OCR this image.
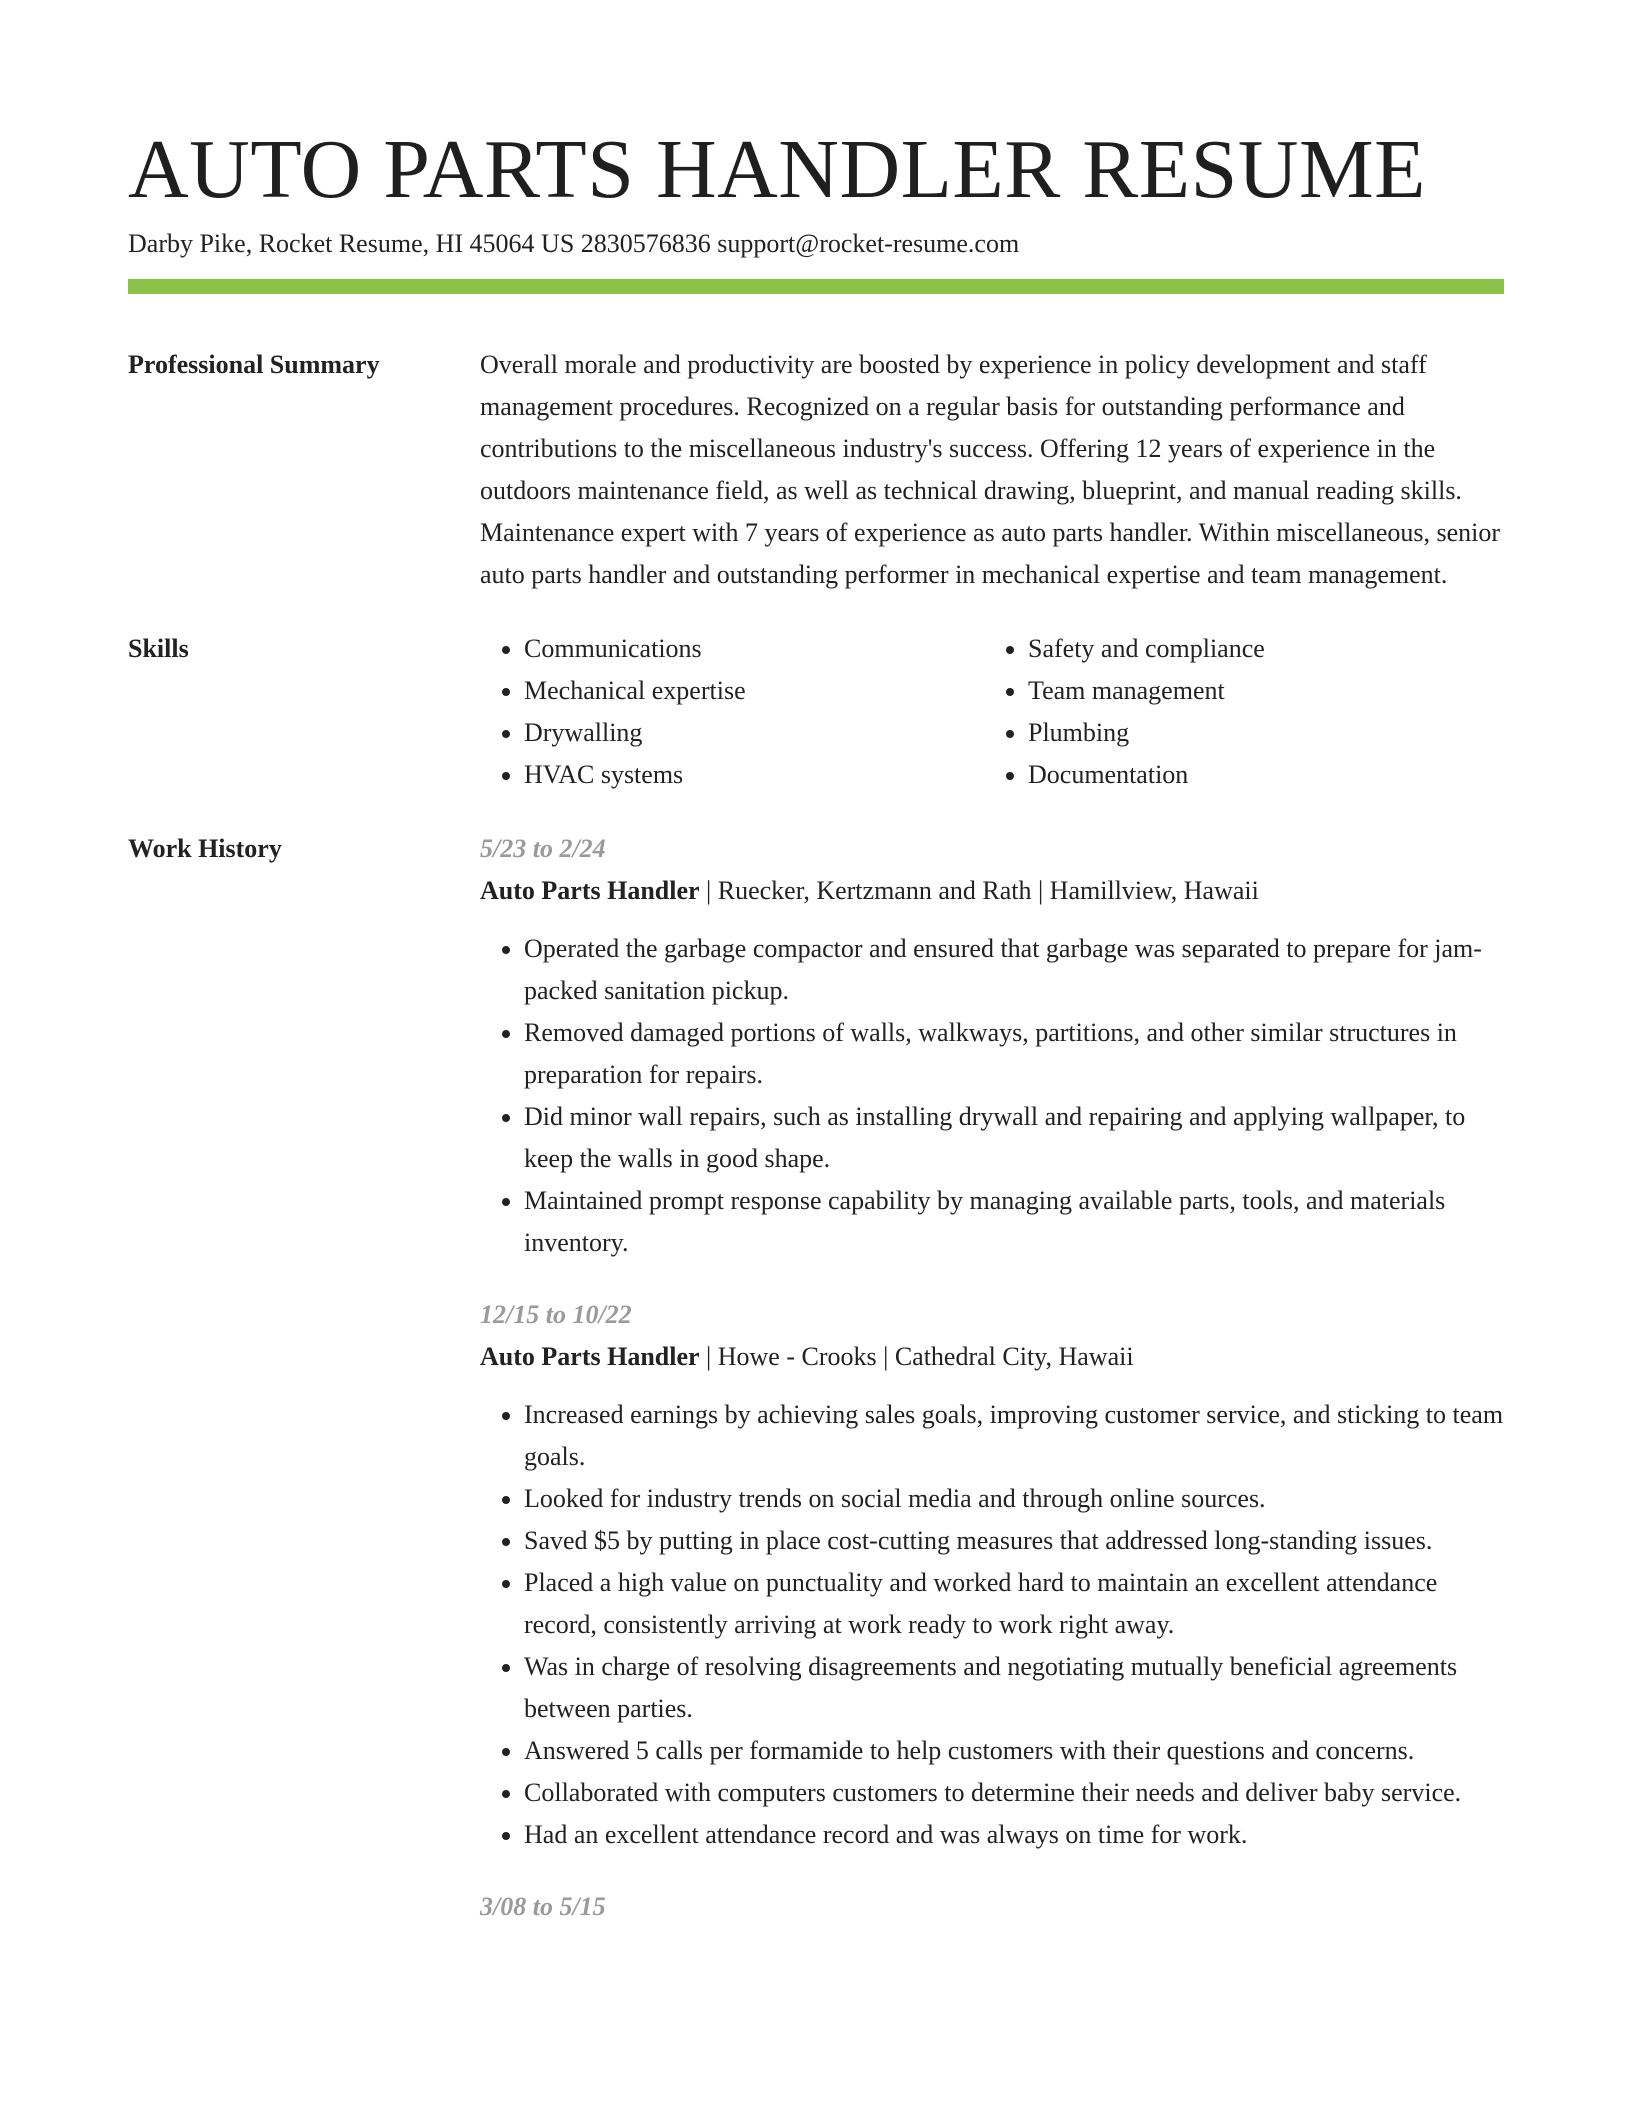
AUTO PARTS HANDLER RESUME
Darby Pike, Rocket Resume, HI 45064 US 2830576836 support@rocket-resume.com
Professional Summary	Overall morale and productivity are boosted by experience in policy development and staff management procedures. Recognized on a regular basis for outstanding performance and contributions to the miscellaneous industry's success. Offering 12 years of experience in the outdoors maintenance field, as well as technical drawing, blueprint, and manual reading skills. Maintenance expert with 7 years of experience as auto parts handler. Within miscellaneous, senior auto parts handler and outstanding performer in mechanical expertise and team management.

Skills
•	Communications
• Mechanical expertise
• Drywalling
• HVAC systems
• Safety and compliance
• Team management
• Plumbing
• Documentation
Work History	5/23 to 2/24
Auto Parts Handler | Ruecker, Kertzmann and Rath | Hamillview, Hawaii
• Operated the garbage compactor and ensured that garbage was separated to prepare for jam-packed sanitation pickup.
• Removed damaged portions of walls, walkways, partitions, and other similar structures in preparation for repairs.
• Did minor wall repairs, such as installing drywall and repairing and applying wallpaper, to keep the walls in good shape.
• Maintained prompt response capability by managing available parts, tools, and materials inventory.
12/15 to 10/22
Auto Parts Handler | Howe - Crooks | Cathedral City, Hawaii
• Increased earnings by achieving sales goals, improving customer service, and sticking to team goals.
• Looked for industry trends on social media and through online sources.
• Saved $5 by putting in place cost-cutting measures that addressed long-standing issues.
• Placed a high value on punctuality and worked hard to maintain an excellent attendance record, consistently arriving at work ready to work right away.
• Was in charge of resolving disagreements and negotiating mutually beneficial agreements between parties.
• Answered 5 calls per formamide to help customers with their questions and concerns.
• Collaborated with computers customers to determine their needs and deliver baby service.
• Had an excellent attendance record and was always on time for work.
3/08 to 5/15
